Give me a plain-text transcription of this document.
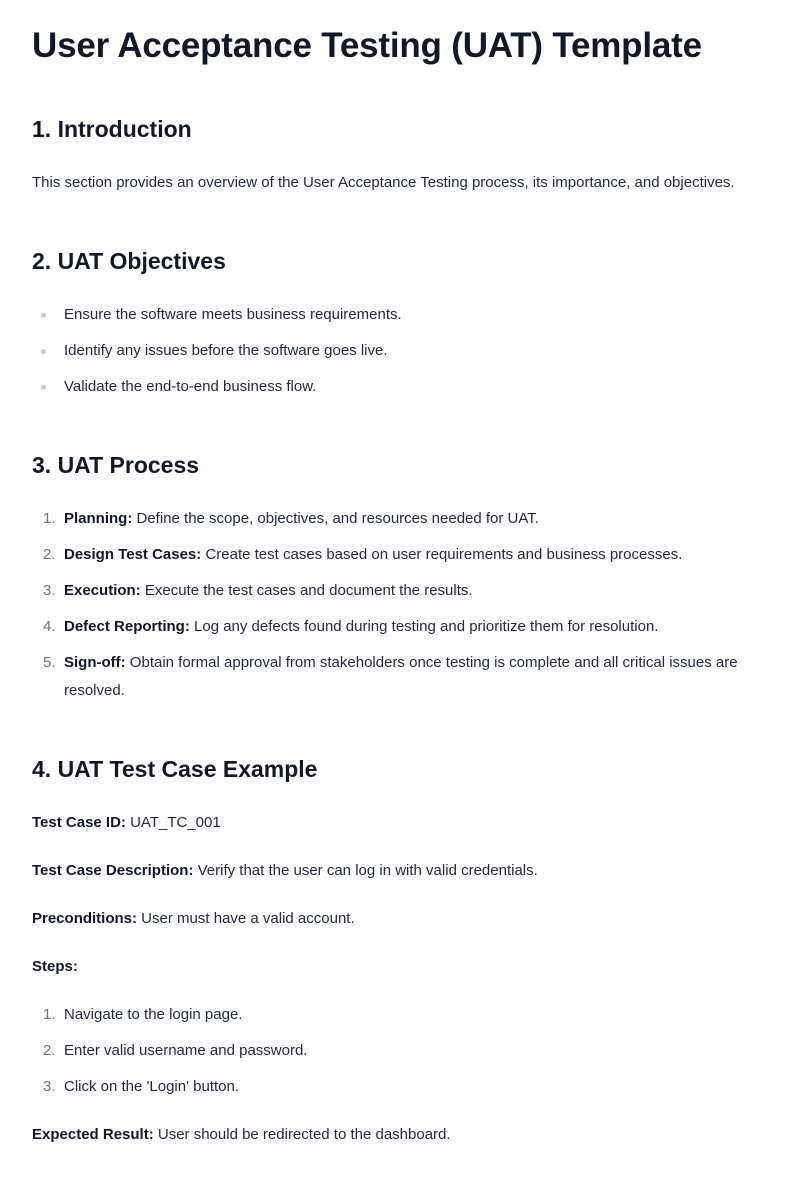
User Acceptance Testing (UAT) Template
1. Introduction

This section provides an overview of the User Acceptance Testing process, its importance, and objectives.

2. UAT Objectives
Ensure the software meets business requirements.
Identify any issues before the software goes live.
Validate the end-to-end business flow.
3. UAT Process
1. Planning: Define the scope, objectives, and resources needed for UAT.
2. Design Test Cases: Create test cases based on user requirements and business processes.
3. Execution: Execute the test cases and document the results.
4. Defect Reporting: Log any defects found during testing and prioritize them for resolution.
5. Sign-off: Obtain formal approval from stakeholders once testing is complete and all critical issues are resolved.
4. UAT Test Case Example

Test Case ID: UAT_TC_001

Test Case Description: Verify that the user can log in with valid credentials.

Preconditions: User must have a valid account.

Steps:

1. Navigate to the login page.
2. Enter valid username and password.
3. Click on the 'Login' button.

Expected Result: User should be redirected to the dashboard.
